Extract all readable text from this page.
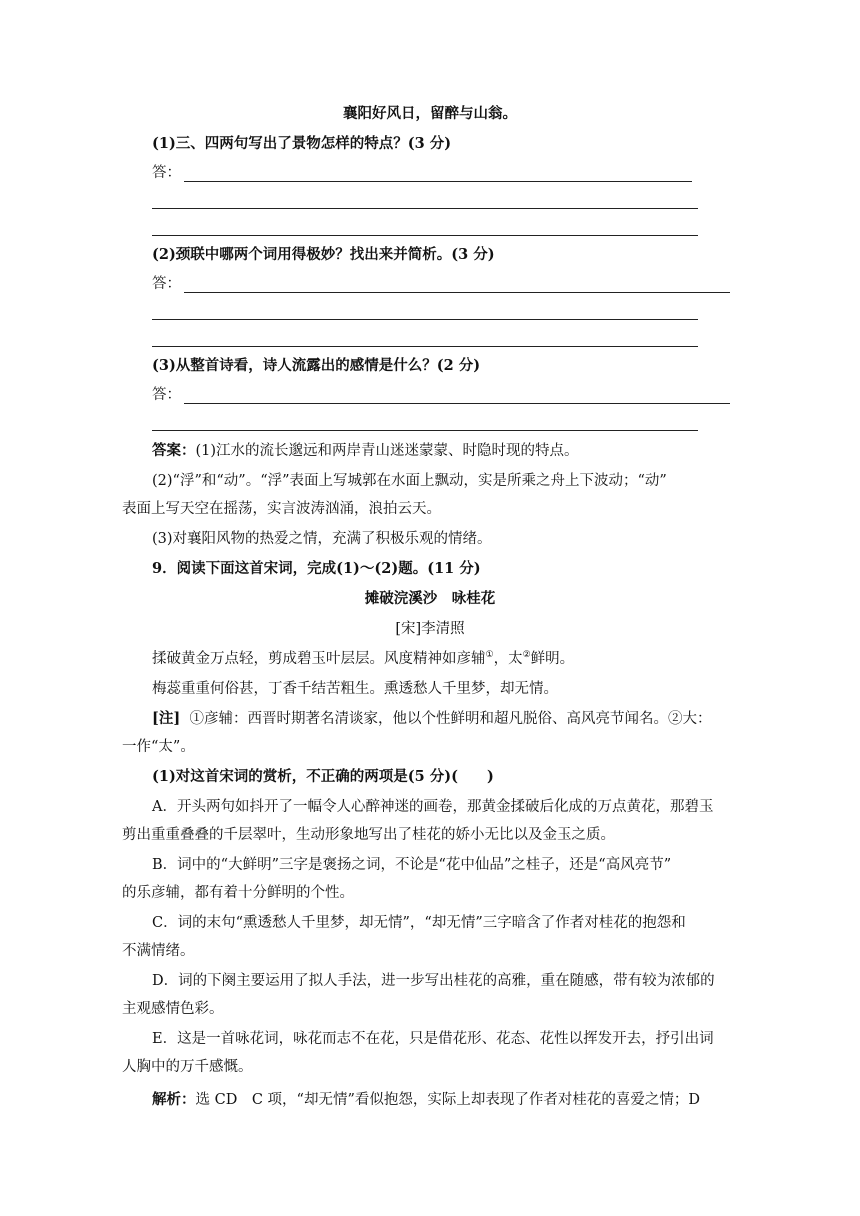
襄阳好风日，留醉与山翁。
(1)三、四两句写出了景物怎样的特点？(3 分)
答：
(2)颈联中哪两个词用得极妙？找出来并简析。(3 分)
答：
(3)从整首诗看，诗人流露出的感情是什么？(2 分)
答：
答案：(1)江水的流长邈远和两岸青山迷迷蒙蒙、时隐时现的特点。
(2)“浮”和“动”。“浮”表面上写城郭在水面上飘动，实是所乘之舟上下波动；“动”
表面上写天空在摇荡，实言波涛汹涌，浪拍云天。
(3)对襄阳风物的热爱之情，充满了积极乐观的情绪。
9．阅读下面这首宋词，完成(1)～(2)题。(11 分)
摊破浣溪沙　咏桂花
[宋]李清照
揉破黄金万点轻，剪成碧玉叶层层。风度精神如彦辅①，太②鲜明。
梅蕊重重何俗甚，丁香千结苦粗生。熏透愁人千里梦，却无情。
[注] ①彦辅：西晋时期著名清谈家，他以个性鲜明和超凡脱俗、高风亮节闻名。②大：
一作“太”。
(1)对这首宋词的赏析，不正确的两项是(5 分)(　　)
A．开头两句如抖开了一幅令人心醉神迷的画卷，那黄金揉破后化成的万点黄花，那碧玉
剪出重重叠叠的千层翠叶，生动形象地写出了桂花的娇小无比以及金玉之质。
B．词中的“大鲜明”三字是褒扬之词，不论是“花中仙品”之桂子，还是“高风亮节”
的乐彦辅，都有着十分鲜明的个性。
C．词的末句“熏透愁人千里梦，却无情”，“却无情”三字暗含了作者对桂花的抱怨和
不满情绪。
D．词的下阕主要运用了拟人手法，进一步写出桂花的高雅，重在随感，带有较为浓郁的
主观感情色彩。
E．这是一首咏花词，咏花而志不在花，只是借花形、花态、花性以挥发开去，抒引出词
人胸中的万千感慨。
解析：选 CD　C 项，“却无情”看似抱怨，实际上却表现了作者对桂花的喜爱之情；D
